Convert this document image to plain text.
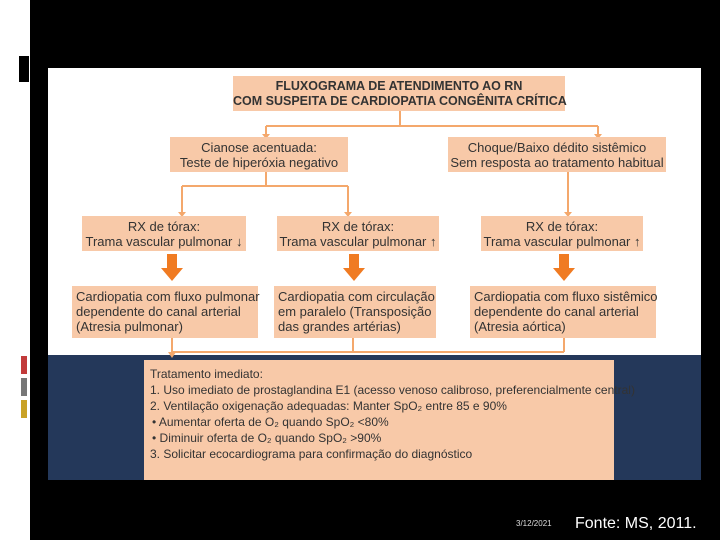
FLUXOGRAMA DE ATENDIMENTO AO RN
COM SUSPEITA DE CARDIOPATIA CONGÊNITA CRÍTICA
Cianose acentuada:
Teste de hiperóxia negativo
Choque/Baixo dédito sistêmico
Sem resposta ao tratamento habitual
RX de tórax:
Trama vascular pulmonar ↓
RX de tórax:
Trama vascular pulmonar ↑
RX de tórax:
Trama vascular pulmonar ↑
Cardiopatia com fluxo pulmonar
dependente do canal arterial
(Atresia pulmonar)
Cardiopatia com circulação
em paralelo (Transposição
das grandes artérias)
Cardiopatia com fluxo sistêmico
dependente do canal arterial
(Atresia aórtica)
Tratamento imediato:
1. Uso imediato de prostaglandina E1 (acesso venoso calibroso, preferencialmente central)
2. Ventilação oxigenação adequadas: Manter SpO₂ entre 85 e 90%
• Aumentar oferta de O₂ quando SpO₂ <80%
• Diminuir oferta de O₂ quando SpO₂ >90%
3. Solicitar ecocardiograma para confirmação do diagnóstico
3/12/2021 Fonte: MS, 2011.
